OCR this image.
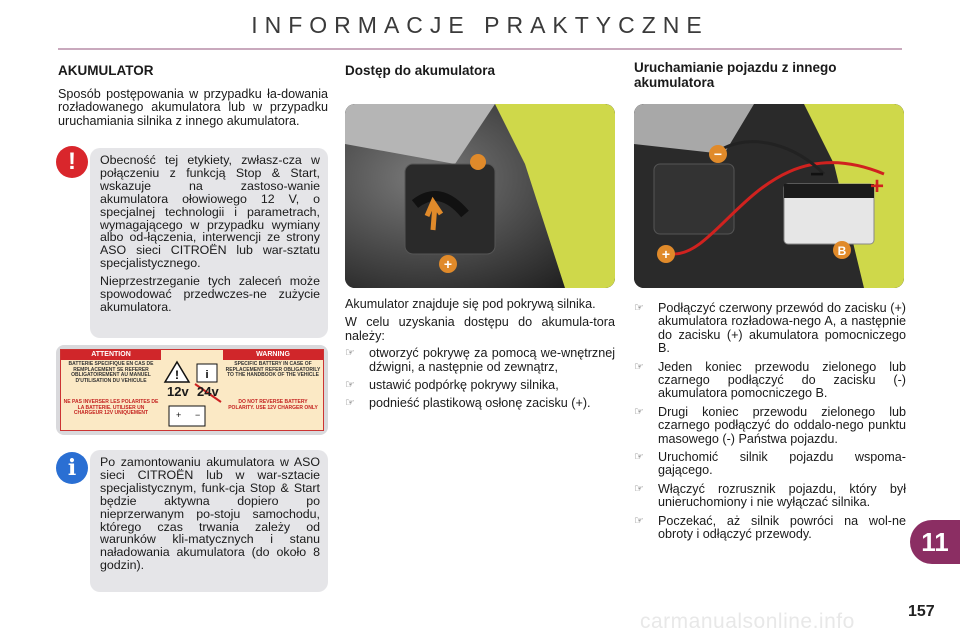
INFORMACJE PRAKTYCZNE
AKUMULATOR

Sposób postępowania w przypadku ła-dowania rozładowanego akumulatora lub w przypadku uruchamiania silnika z innego akumulatora.

!	Obecność tej etykiety, zwłasz-cza w połączeniu z funkcją Stop & Start, wskazuje na zastoso-wanie akumulatora ołowiowego 12 V, o specjalnej technologii i parametrach, wymagającego w przypadku wymiany albo od-łączenia, interwencji ze strony ASO sieci CITROËN lub war-sztatu specjalistycznego.

Nieprzestrzeganie tych zaleceń może spowodować przedwczes-ne zużycie akumulatora.

ATTENTION	WARNING
BATTERIE SPECIFIQUE EN CAS DE REMPLACEMENT SE REFERER OBLIGATOIREMENT AU MANUEL D'UTILISATION DU VEHICULE
SPECIFIC BATTERY IN CASE OF REPLACEMENT REFER OBLIGATORILY TO THE HANDBOOK OF THE VEHICLE
NE PAS INVERSER LES POLARITES DE LA BATTERIE. UTILISER UN CHARGEUR 12V UNIQUEMENT
DO NOT REVERSE BATTERY POLARITY. USE 12V CHARGER ONLY
! i
+ −
12v 24v
i	Po zamontowaniu akumulatora w ASO sieci CITROËN lub w war-sztacie specjalistycznym, funk-cja Stop & Start będzie aktywna dopiero po nieprzerwanym po-stoju samochodu, którego czas trwania zależy od warunków kli-matycznych i stanu naładowania akumulatora (do około 8 godzin).

Dostęp do akumulatora

Akumulator znajduje się pod pokrywą silnika.

W celu uzyskania dostępu do akumula-tora należy:

☞ otworzyć pokrywę za pomocą we-wnętrznej dźwigni, a następnie od zewnątrz,
☞ ustawić podpórkę pokrywy silnika,
☞ podnieść plastikową osłonę zacisku (+).
+
Uruchamianie pojazdu z innego akumulatora
☞ Podłączyć czerwony przewód do zacisku (+) akumulatora rozładowa-nego A, a następnie do zacisku (+) akumulatora pomocniczego B.
☞ Jeden koniec przewodu zielonego lub czarnego podłączyć do zacisku (-) akumulatora pomocniczego B.
☞ Drugi koniec przewodu zielonego lub czarnego podłączyć do oddalo-nego punktu masowego (-) Państwa pojazdu.
☞ Uruchomić silnik pojazdu wspoma-gającego.
☞ Włączyć rozrusznik pojazdu, który był unieruchomiony i nie wyłączać silnika.
☞ Poczekać, aż silnik powróci na wol-ne obroty i odłączyć przewody.
−
+	B
− +
11
157
carmanualsonline.info
